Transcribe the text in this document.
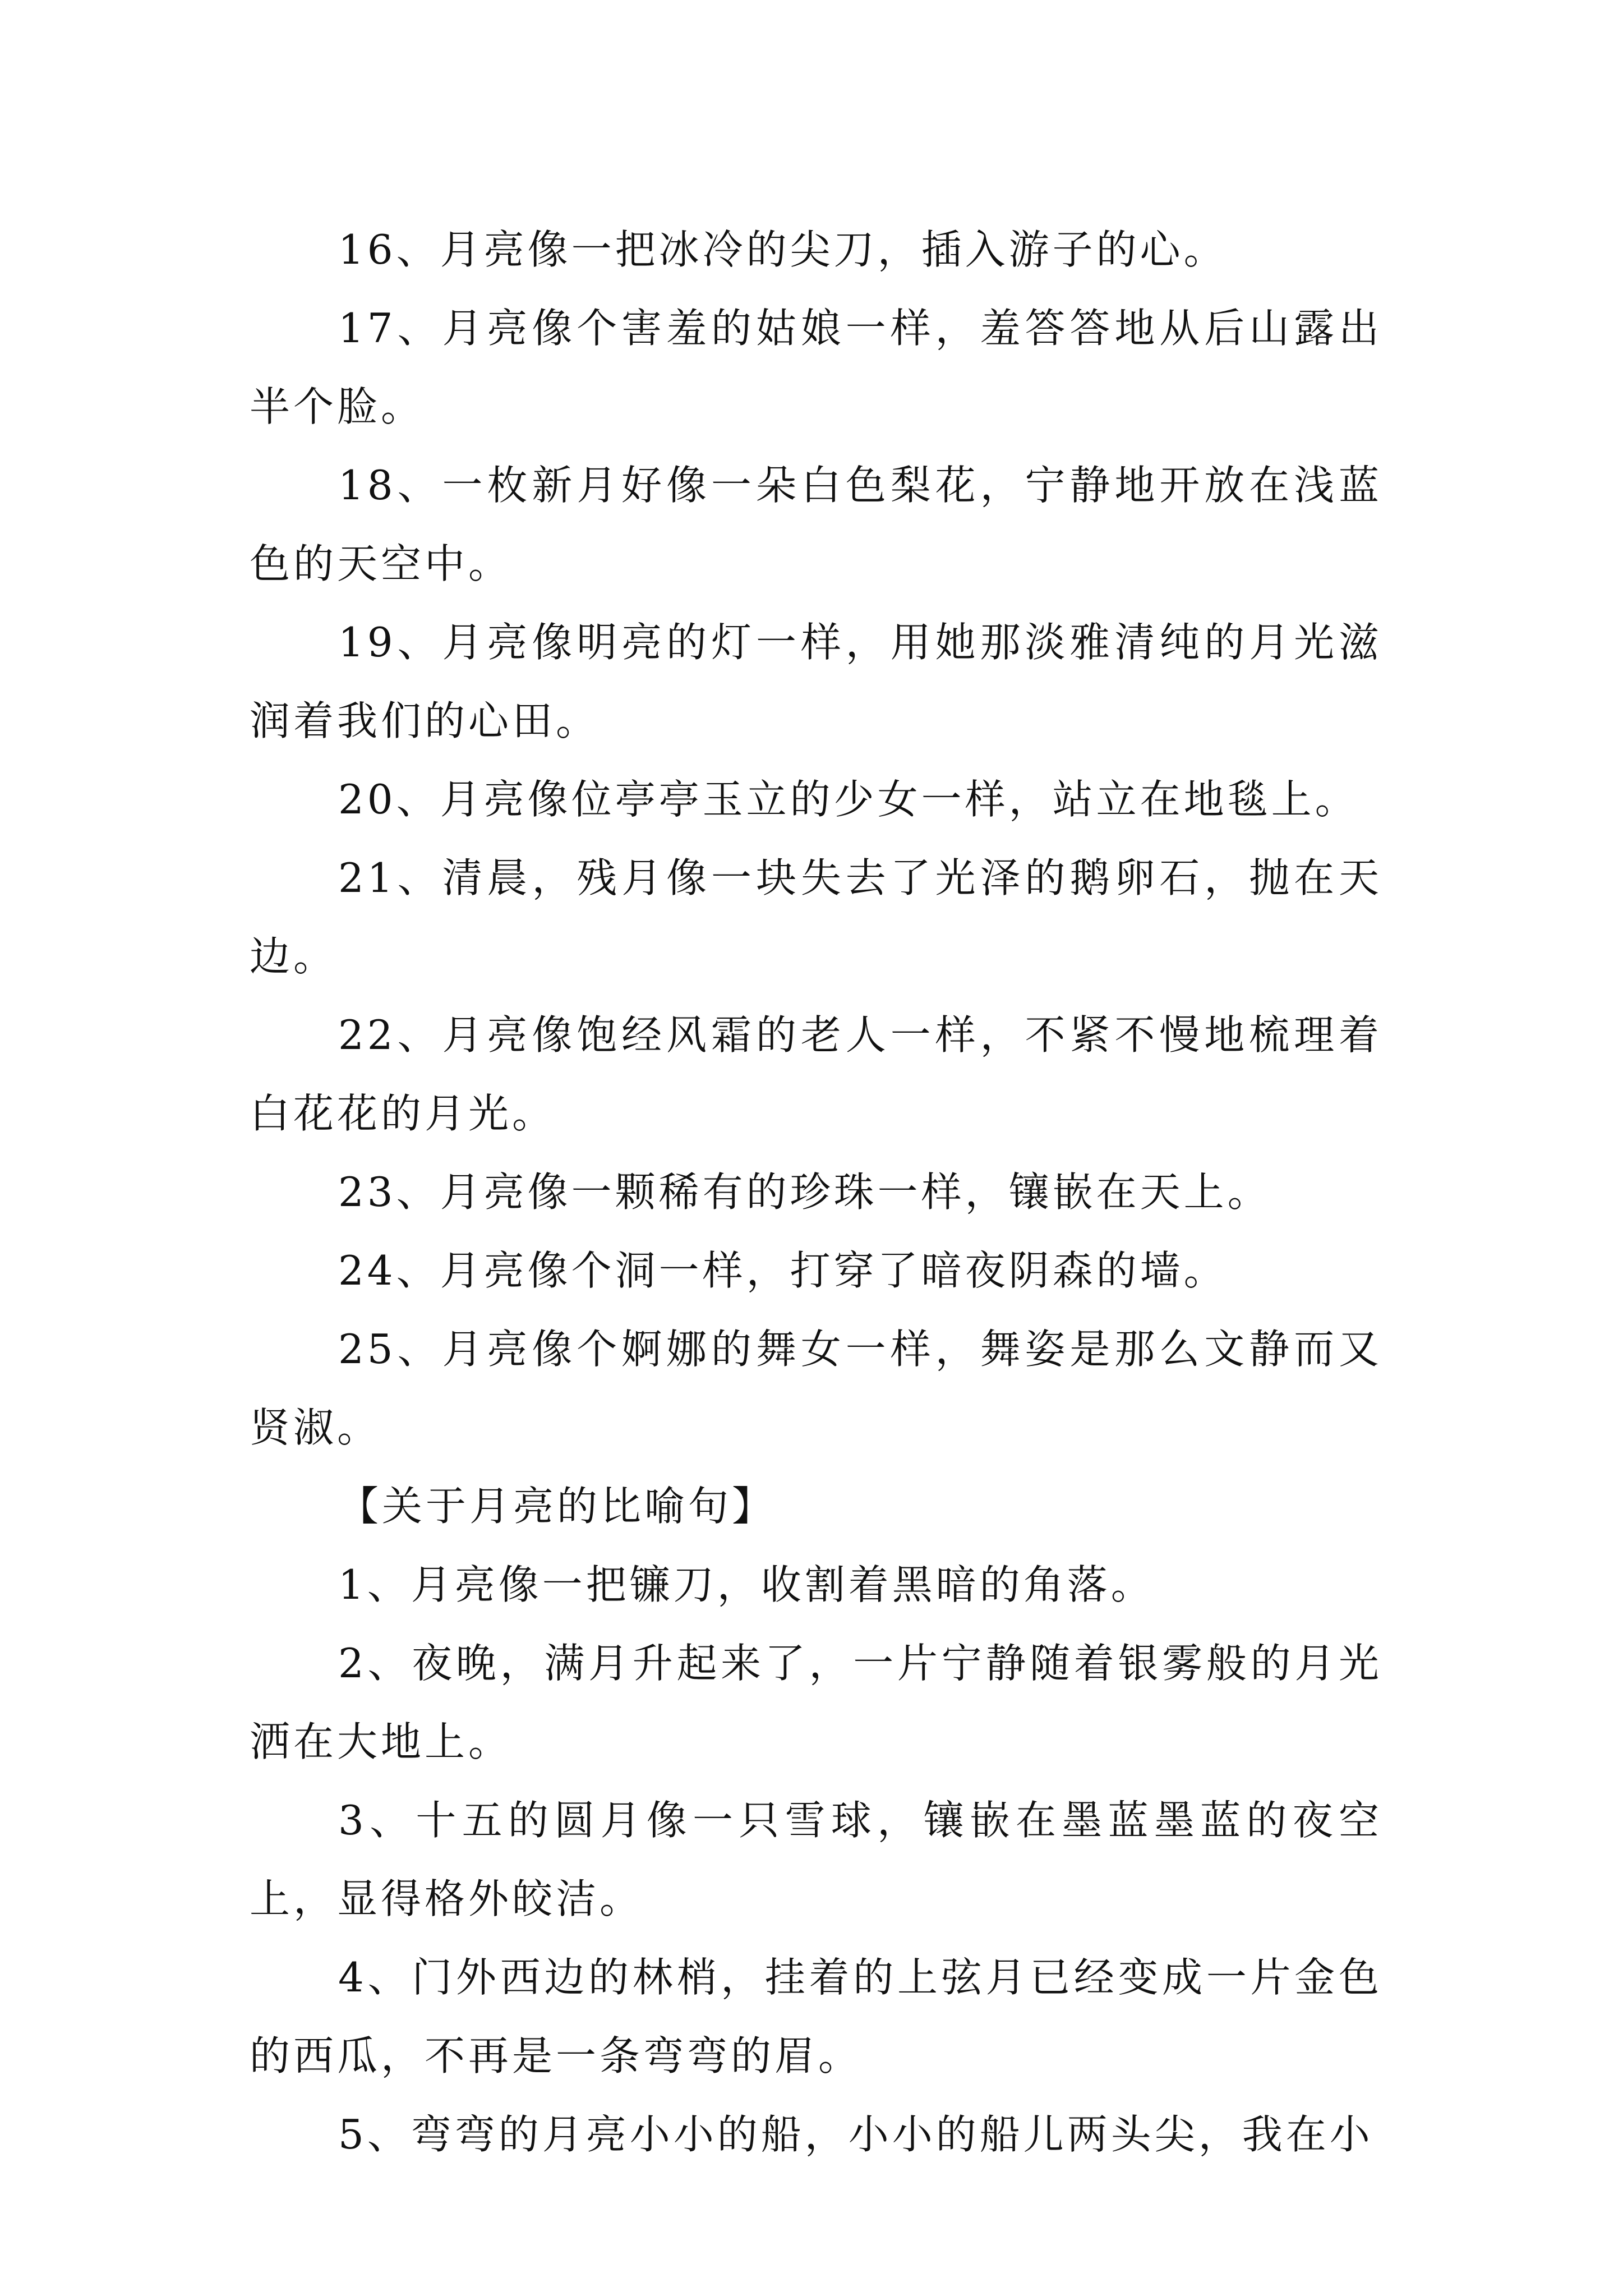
16、月亮像一把冰冷的尖刀，插入游子的心。

17、月亮像个害羞的姑娘一样，羞答答地从后山露出半个脸。

18、一枚新月好像一朵白色梨花，宁静地开放在浅蓝色的天空中。

19、月亮像明亮的灯一样，用她那淡雅清纯的月光滋润着我们的心田。

20、月亮像位亭亭玉立的少女一样，站立在地毯上。

21、清晨，残月像一块失去了光泽的鹅卵石，抛在天边。

22、月亮像饱经风霜的老人一样，不紧不慢地梳理着白花花的月光。

23、月亮像一颗稀有的珍珠一样，镶嵌在天上。

24、月亮像个洞一样，打穿了暗夜阴森的墙。

25、月亮像个婀娜的舞女一样，舞姿是那么文静而又贤淑。

【关于月亮的比喻句】

1、月亮像一把镰刀，收割着黑暗的角落。

2、夜晚，满月升起来了，一片宁静随着银雾般的月光洒在大地上。

3、十五的圆月像一只雪球，镶嵌在墨蓝墨蓝的夜空上，显得格外皎洁。

4、门外西边的林梢，挂着的上弦月已经变成一片金色的西瓜，不再是一条弯弯的眉。

5、弯弯的月亮小小的船，小小的船儿两头尖，我在小
